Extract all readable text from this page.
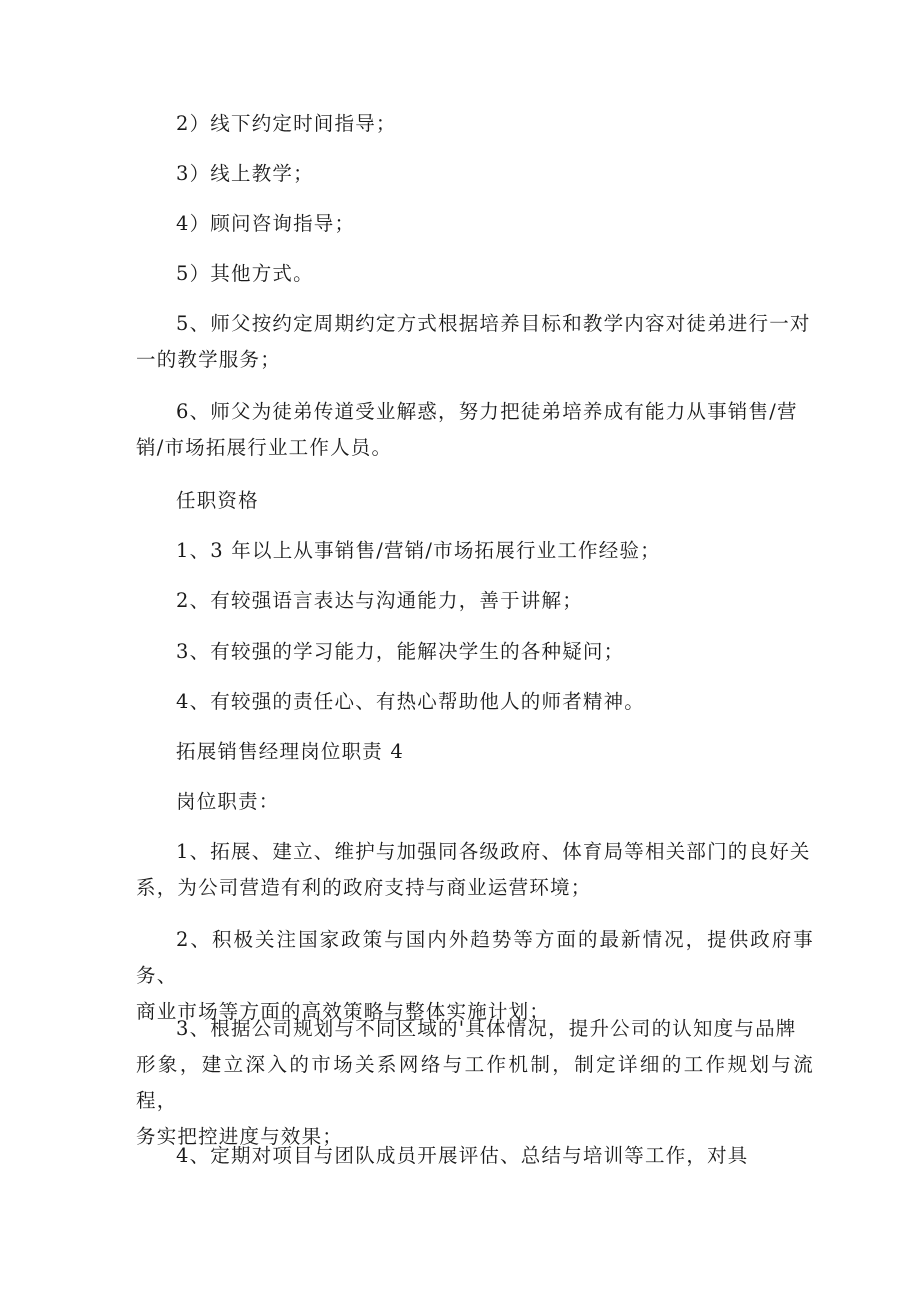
2）线下约定时间指导；
3）线上教学；
4）顾问咨询指导；
5）其他方式。
5、师父按约定周期约定方式根据培养目标和教学内容对徒弟进行一对
一的教学服务；
6、师父为徒弟传道受业解惑，努力把徒弟培养成有能力从事销售/营
销/市场拓展行业工作人员。
任职资格
1、3 年以上从事销售/营销/市场拓展行业工作经验；
2、有较强语言表达与沟通能力，善于讲解；
3、有较强的学习能力，能解决学生的各种疑问；
4、有较强的责任心、有热心帮助他人的师者精神。
拓展销售经理岗位职责 4
岗位职责：
1、拓展、建立、维护与加强同各级政府、体育局等相关部门的良好关
系，为公司营造有利的政府支持与商业运营环境；
2、积极关注国家政策与国内外趋势等方面的最新情况，提供政府事务、
商业市场等方面的高效策略与整体实施计划；
3、根据公司规划与不同区域的'具体情况，提升公司的认知度与品牌
形象，建立深入的市场关系网络与工作机制，制定详细的工作规划与流程，
务实把控进度与效果；
4、定期对项目与团队成员开展评估、总结与培训等工作，对具
